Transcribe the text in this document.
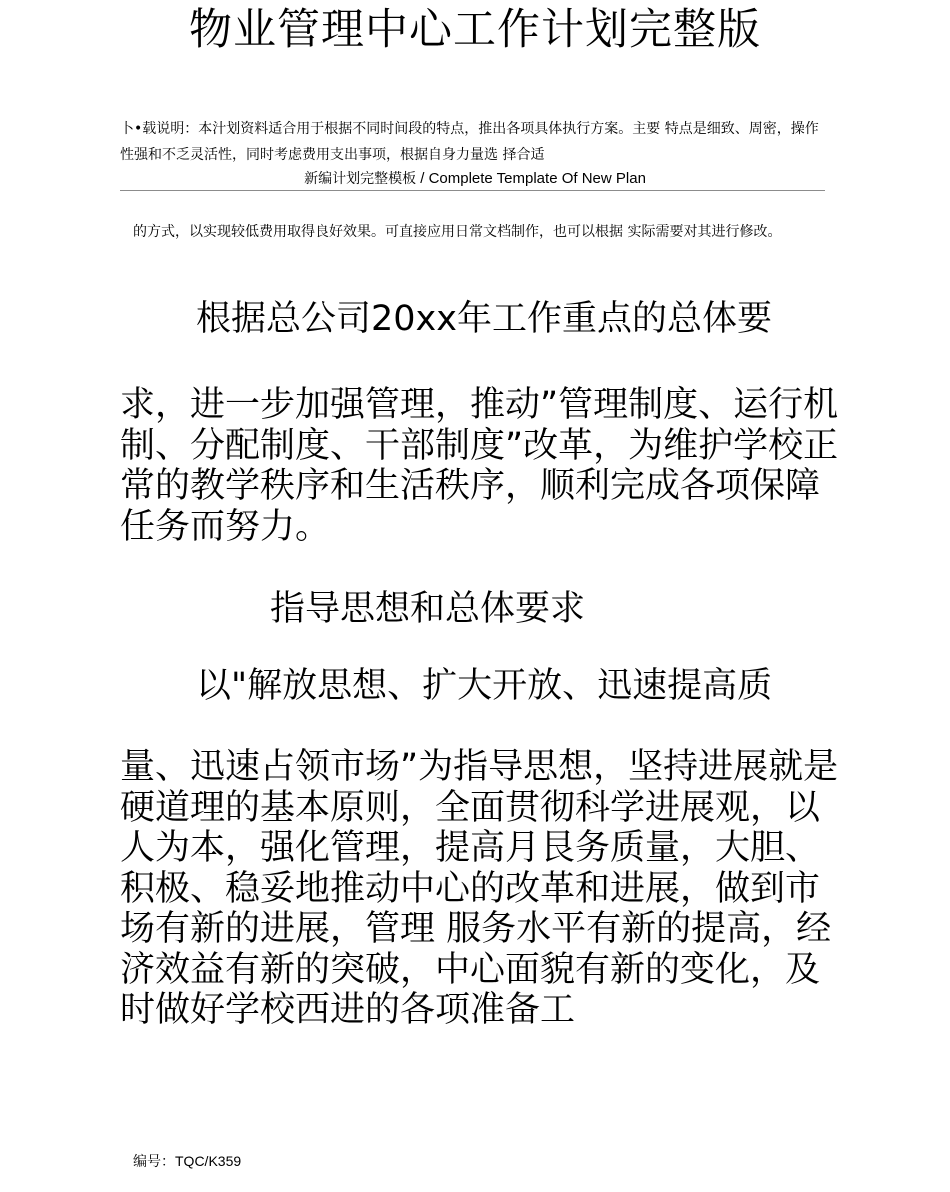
物业管理中心工作计划完整版
卜•载说明：本汁划资料适合用于根据不同时间段的特点，推出各项具体执行方案。主要 特点是细致、周密，操作性强和不乏灵活性，同时考虑费用支出事项，根据自身力量选 择合适
新编计划完整模板 / Complete Template Of New Plan
的方式，以实现较低费用取得良好效果。可直接应用日常文档制作，也可以根据 实际需要对其进行修改。
根据总公司20xx年工作重点的总体要
求，进一步加强管理，推动”管理制度、运行机制、分配制度、干部制度”改革，为维护学校正常的教学秩序和生活秩序，顺利完成各项保障任务而努力。
指导思想和总体要求
以"解放思想、扩大开放、迅速提高质
量、迅速占领市场”为指导思想，坚持进展就是硬道理的基本原则，全面贯彻科学进展观，以人为本，强化管理，提高月艮务质量，大胆、积极、稳妥地推动中心的改革和进展，做到市场有新的进展，管理 服务水平有新的提高，经济效益有新的突破，中心面貌有新的变化，及时做好学校西进的各项准备工
编号：TQC/K359
